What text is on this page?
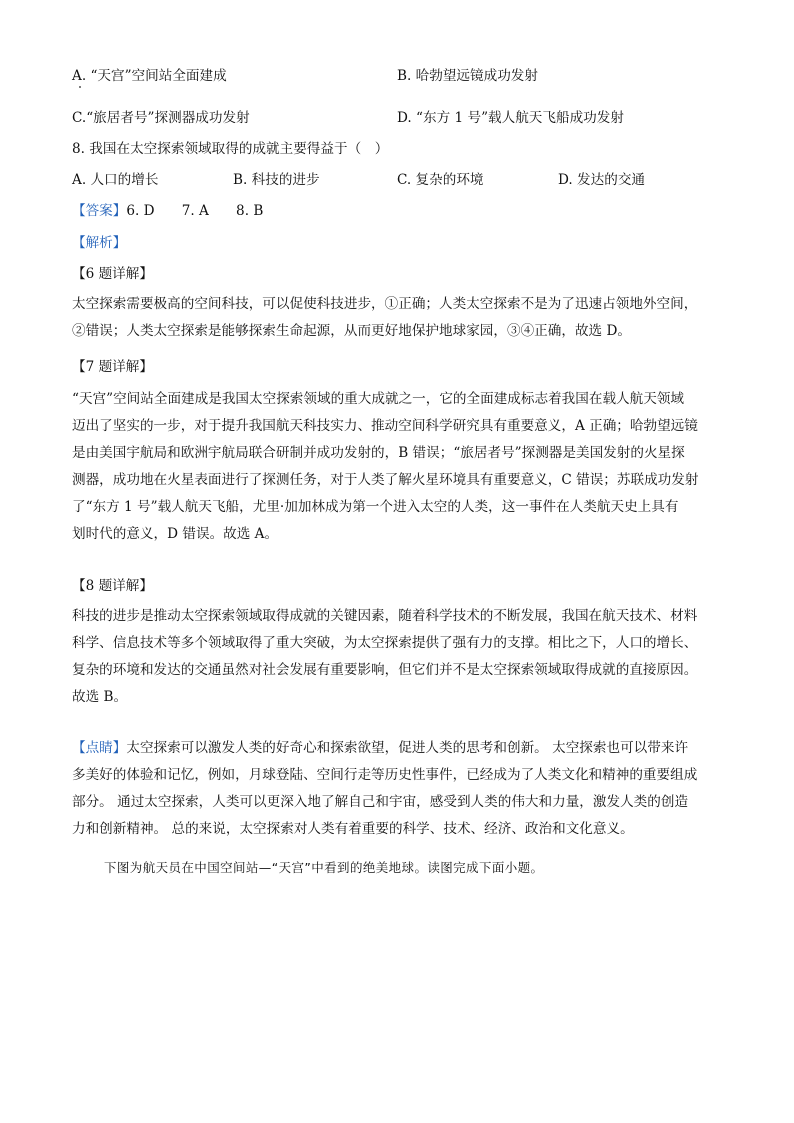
A. “天宫”空间站全面建成	B. 哈勃望远镜成功发射
C.“旅居者号”探测器成功发射	D. “东方 1 号”载人航天飞船成功发射
8. 我国在太空探索领域取得的成就主要得益于（　）
A. 人口的增长	B. 科技的进步	C. 复杂的环境	D. 发达的交通
【答案】6. D　　7. A　　8. B
【解析】
【6 题详解】

太空探索需要极高的空间科技，可以促使科技进步，①正确；人类太空探索不是为了迅速占领地外空间，

②错误；人类太空探索是能够探索生命起源，从而更好地保护地球家园，③④正确，故选 D。

【7 题详解】

“天宫”空间站全面建成是我国太空探索领域的重大成就之一，它的全面建成标志着我国在载人航天领域

迈出了坚实的一步，对于提升我国航天科技实力、推动空间科学研究具有重要意义，A 正确；哈勃望远镜

是由美国宇航局和欧洲宇航局联合研制并成功发射的，B 错误；“旅居者号”探测器是美国发射的火星探

测器，成功地在火星表面进行了探测任务，对于人类了解火星环境具有重要意义，C 错误；苏联成功发射

了“东方 1 号”载人航天飞船，尤里·加加林成为第一个进入太空的人类，这一事件在人类航天史上具有

划时代的意义，D 错误。故选 A。

【8 题详解】

科技的进步是推动太空探索领域取得成就的关键因素，随着科学技术的不断发展，我国在航天技术、材料

科学、信息技术等多个领域取得了重大突破，为太空探索提供了强有力的支撑。相比之下，人口的增长、

复杂的环境和发达的交通虽然对社会发展有重要影响，但它们并不是太空探索领域取得成就的直接原因。

故选 B。

【点睛】太空探索可以激发人类的好奇心和探索欲望，促进人类的思考和创新。 太空探索也可以带来许

多美好的体验和记忆，例如，月球登陆、空间行走等历史性事件，已经成为了人类文化和精神的重要组成

部分。 通过太空探索，人类可以更深入地了解自己和宇宙，感受到人类的伟大和力量，激发人类的创造

力和创新精神。 总的来说，太空探索对人类有着重要的科学、技术、经济、政治和文化意义。

下图为航天员在中国空间站—“天宫”中看到的绝美地球。读图完成下面小题。
